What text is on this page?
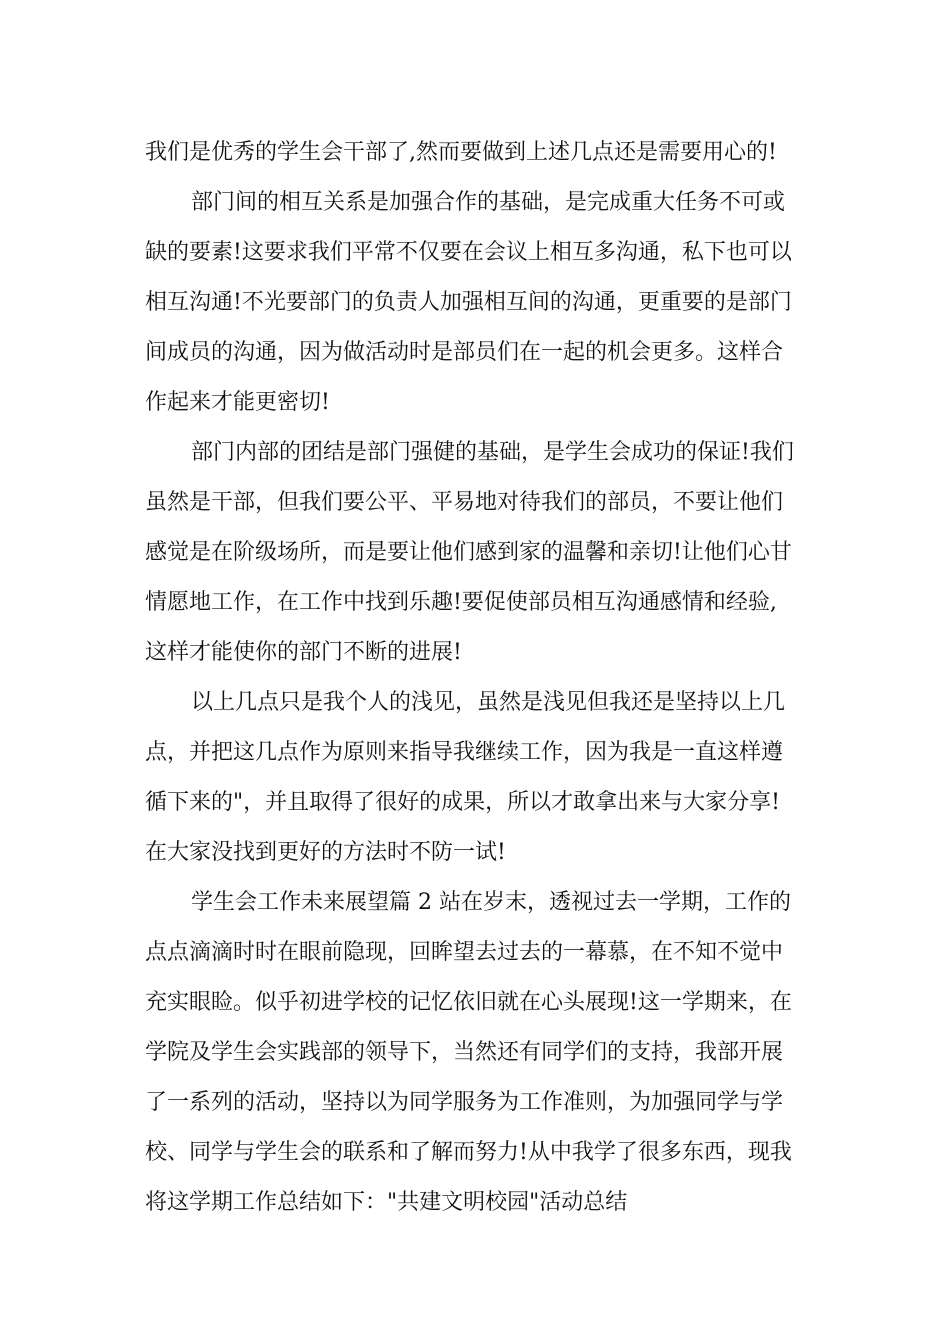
我们是优秀的学生会干部了,然而要做到上述几点还是需要用心的!
部门间的相互关系是加强合作的基础，是完成重大任务不可或
缺的要素!这要求我们平常不仅要在会议上相互多沟通，私下也可以
相互沟通!不光要部门的负责人加强相互间的沟通，更重要的是部门
间成员的沟通，因为做活动时是部员们在一起的机会更多。这样合
作起来才能更密切!
部门内部的团结是部门强健的基础，是学生会成功的保证!我们
虽然是干部，但我们要公平、平易地对待我们的部员，不要让他们
感觉是在阶级场所，而是要让他们感到家的温馨和亲切!让他们心甘
情愿地工作，在工作中找到乐趣!要促使部员相互沟通感情和经验,
这样才能使你的部门不断的进展!
以上几点只是我个人的浅见，虽然是浅见但我还是坚持以上几
点，并把这几点作为原则来指导我继续工作，因为我是一直这样遵
循下来的"，并且取得了很好的成果，所以才敢拿出来与大家分享!
在大家没找到更好的方法时不防一试!
学生会工作未来展望篇 2 站在岁末，透视过去一学期，工作的
点点滴滴时时在眼前隐现，回眸望去过去的一幕慕，在不知不觉中
充实眼睑。似乎初进学校的记忆依旧就在心头展现!这一学期来，在
学院及学生会实践部的领导下，当然还有同学们的支持，我部开展
了一系列的活动，坚持以为同学服务为工作准则，为加强同学与学
校、同学与学生会的联系和了解而努力!从中我学了很多东西，现我
将这学期工作总结如下："共建文明校园"活动总结
